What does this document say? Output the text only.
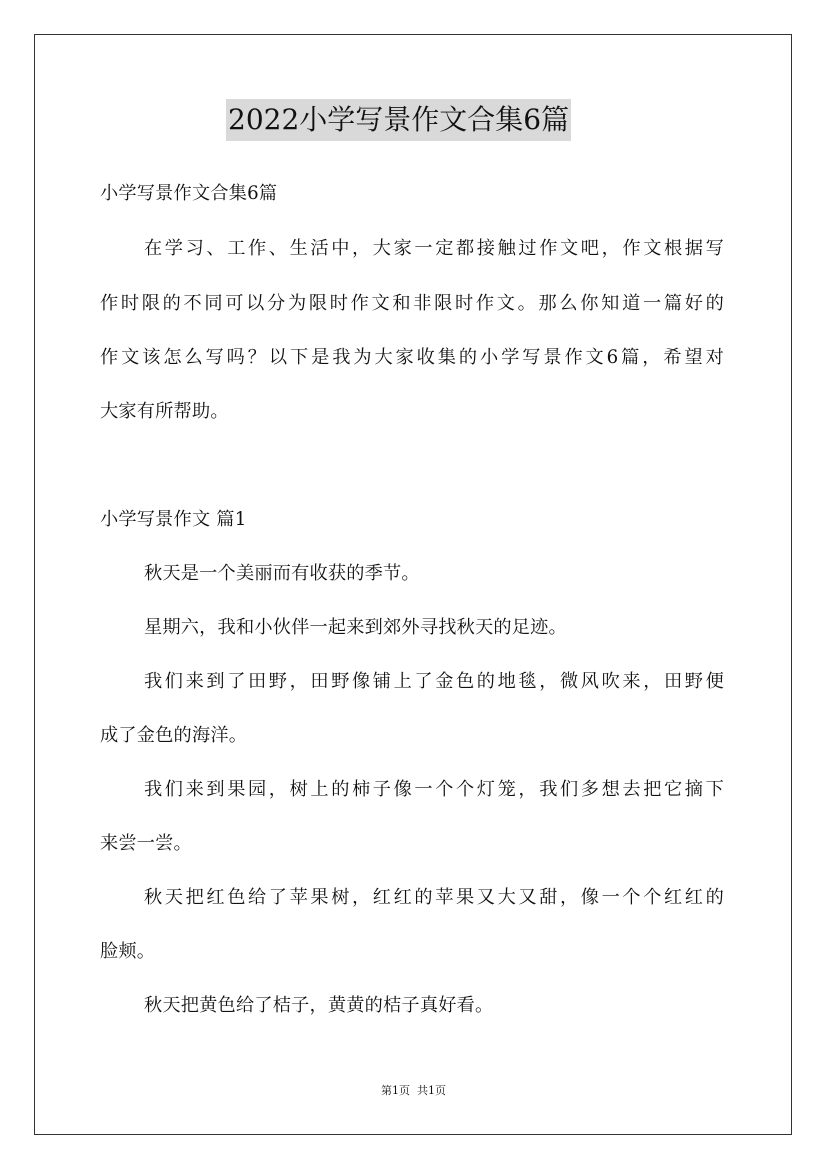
2022小学写景作文合集6篇
小学写景作文合集6篇
在学习、工作、生活中，大家一定都接触过作文吧，作文根据写
作时限的不同可以分为限时作文和非限时作文。那么你知道一篇好的
作文该怎么写吗？以下是我为大家收集的小学写景作文6篇，希望对
大家有所帮助。
小学写景作文 篇1
秋天是一个美丽而有收获的季节。
星期六，我和小伙伴一起来到郊外寻找秋天的足迹。
我们来到了田野，田野像铺上了金色的地毯，微风吹来，田野便
成了金色的海洋。
我们来到果园，树上的柿子像一个个灯笼，我们多想去把它摘下
来尝一尝。
秋天把红色给了苹果树，红红的苹果又大又甜，像一个个红红的
脸颊。
秋天把黄色给了桔子，黄黄的桔子真好看。
第1页  共1页
